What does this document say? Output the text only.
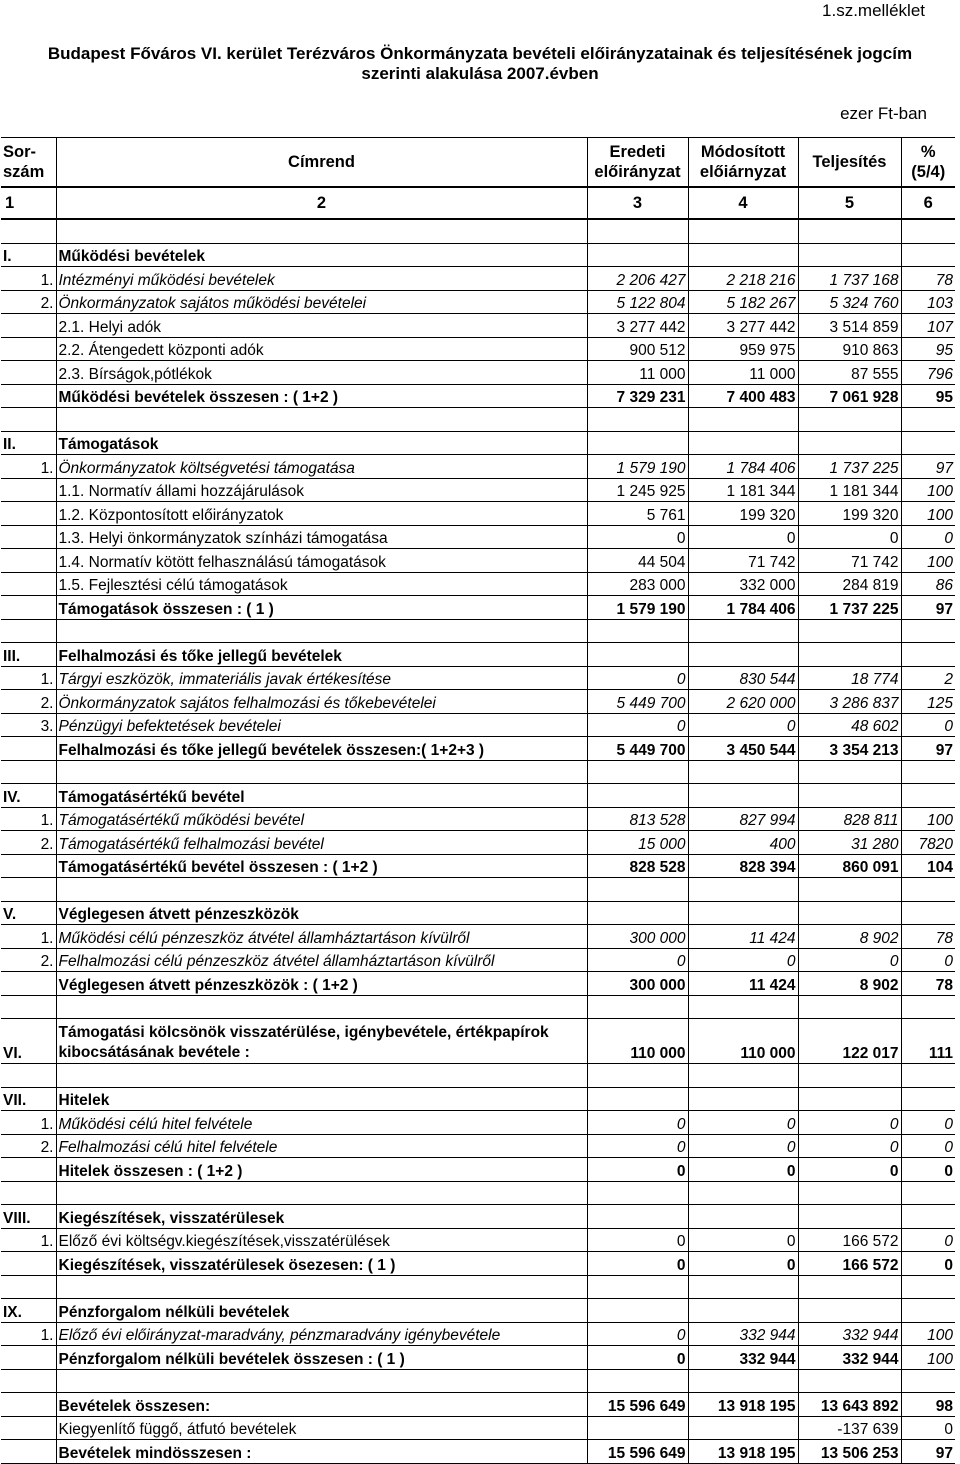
1.sz.melléklet
Budapest Főváros VI. kerület Terézváros Önkormányzata bevételi előirányzatainak és teljesítésének jogcím
szerinti alakulása 2007.évben
ezer Ft-ban
Sor-szám	Címrend	Eredeti előirányzat	Módosított előiárnyzat	Teljesítés	% (5/4)
1	2	3	4	5	6

I.	Működési bevételek				
1.	Intézményi működési bevételek	2 206 427	2 218 216	1 737 168	78
2.	Önkormányzatok sajátos működési bevételei	5 122 804	5 182 267	5 324 760	103
	2.1. Helyi adók	3 277 442	3 277 442	3 514 859	107
	2.2. Átengedett központi adók	900 512	959 975	910 863	95
	2.3. Bírságok,pótlékok	11 000	11 000	87 555	796
	Működési bevételek összesen : ( 1+2 )	7 329 231	7 400 483	7 061 928	95

II.	Támogatások				
1.	Önkormányzatok költségvetési támogatása	1 579 190	1 784 406	1 737 225	97
	1.1. Normatív állami hozzájárulások	1 245 925	1 181 344	1 181 344	100
	1.2. Központosított előirányzatok	5 761	199 320	199 320	100
	1.3. Helyi önkormányzatok színházi támogatása	0	0	0	0
	1.4. Normatív kötött felhasználású támogatások	44 504	71 742	71 742	100
	1.5. Fejlesztési célú támogatások	283 000	332 000	284 819	86
	Támogatások összesen : ( 1 )	1 579 190	1 784 406	1 737 225	97

III.	Felhalmozási és tőke jellegű bevételek				
1.	Tárgyi eszközök, immateriális javak értékesítése	0	830 544	18 774	2
2.	Önkormányzatok sajátos felhalmozási és tőkebevételei	5 449 700	2 620 000	3 286 837	125
3.	Pénzügyi befektetések bevételei	0	0	48 602	0
	Felhalmozási és tőke jellegű bevételek összesen:( 1+2+3 )	5 449 700	3 450 544	3 354 213	97

IV.	Támogatásértékű bevétel				
1.	Támogatásértékű működési bevétel	813 528	827 994	828 811	100
2.	Támogatásértékű felhalmozási bevétel	15 000	400	31 280	7820
	Támogatásértékű bevétel összesen : ( 1+2 )	828 528	828 394	860 091	104

V.	Véglegesen átvett pénzeszközök				
1.	Működési célú pénzeszköz átvétel államháztartáson kívülről	300 000	11 424	8 902	78
2.	Felhalmozási célú pénzeszköz átvétel államháztartáson kívülről	0	0	0	0
	Véglegesen átvett pénzeszközök : ( 1+2 )	300 000	11 424	8 902	78

VI.	Támogatási kölcsönök visszatérülése, igénybevétele, értékpapírok kibocsátásának bevétele :	110 000	110 000	122 017	111

VII.	Hitelek				
1.	Működési célú hitel felvétele	0	0	0	0
2.	Felhalmozási célú hitel felvétele	0	0	0	0
	Hitelek összesen : ( 1+2 )	0	0	0	0

VIII.	Kiegészítések, visszatérülesek				
1.	Előző évi költségv.kiegészítések,visszatérülések	0	0	166 572	0
	Kiegészítések, visszatérülesek ösezesen: ( 1 )	0	0	166 572	0

IX.	Pénzforgalom nélküli bevételek				
1.	Előző évi előirányzat-maradvány, pénzmaradvány igénybevétele	0	332 944	332 944	100
	Pénzforgalom nélküli bevételek összesen : ( 1 )	0	332 944	332 944	100

	Bevételek összesen:	15 596 649	13 918 195	13 643 892	98
	Kiegyenlítő függő, átfutó bevételek			-137 639	0
	Bevételek mindösszesen :	15 596 649	13 918 195	13 506 253	97
